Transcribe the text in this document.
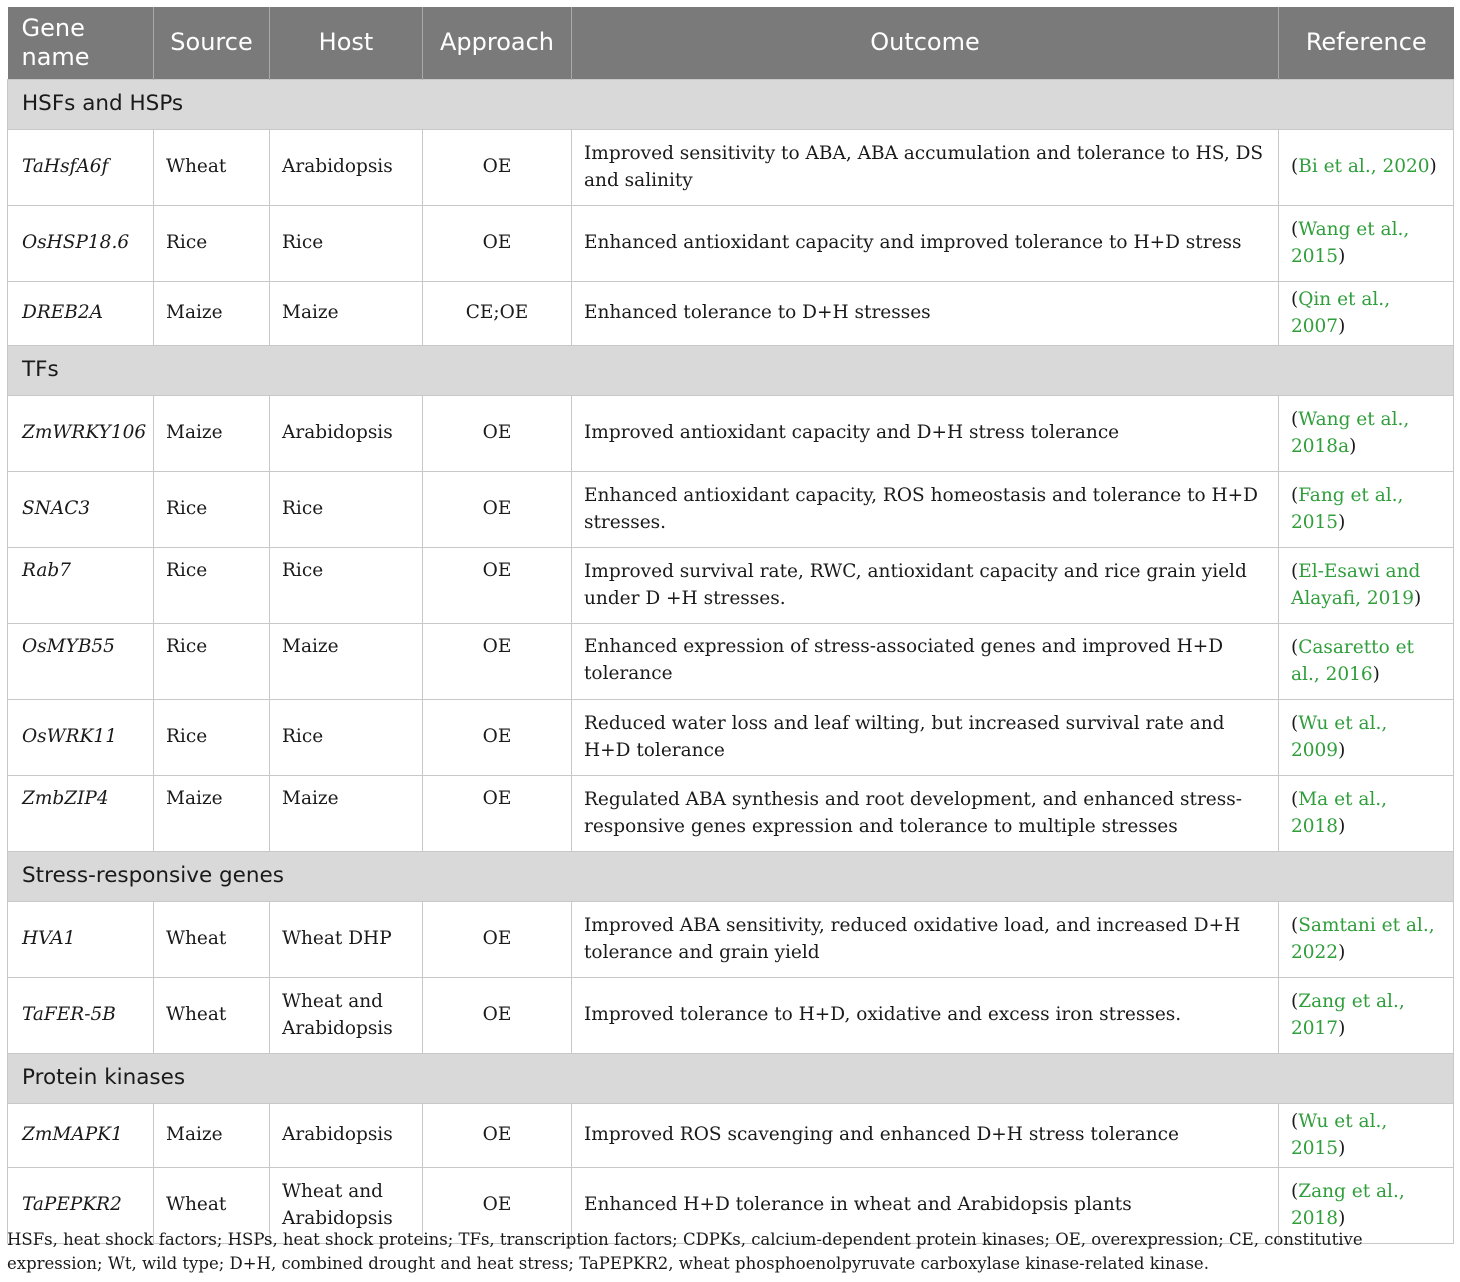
Gene name	Source	Host	Approach	Outcome	Reference
HSFs and HSPs					
TaHsfA6f	Wheat	Arabidopsis	OE	Improved sensitivity to ABA, ABA accumulation and tolerance to HS, DS and salinity	(Bi et al., 2020)
OsHSP18.6	Rice	Rice	OE	Enhanced antioxidant capacity and improved tolerance to H+D stress	(Wang et al., 2015)
DREB2A	Maize	Maize	CE;OE	Enhanced tolerance to D+H stresses	(Qin et al., 2007)
TFs					
ZmWRKY106	Maize	Arabidopsis	OE	Improved antioxidant capacity and D+H stress tolerance	(Wang et al., 2018a)
SNAC3	Rice	Rice	OE	Enhanced antioxidant capacity, ROS homeostasis and tolerance to H+D stresses.	(Fang et al., 2015)
Rab7	Rice	Rice	OE	Improved survival rate, RWC, antioxidant capacity and rice grain yield under D +H stresses.	(El-Esawi and Alayafi, 2019)
OsMYB55	Rice	Maize	OE	Enhanced expression of stress-associated genes and improved H+D tolerance	(Casaretto et al., 2016)
OsWRK11	Rice	Rice	OE	Reduced water loss and leaf wilting, but increased survival rate and H+D tolerance	(Wu et al., 2009)
ZmbZIP4	Maize	Maize	OE	Regulated ABA synthesis and root development, and enhanced stress-responsive genes expression and tolerance to multiple stresses	(Ma et al., 2018)
Stress-responsive genes					
HVA1	Wheat	Wheat DHP	OE	Improved ABA sensitivity, reduced oxidative load, and increased D+H tolerance and grain yield	(Samtani et al., 2022)
TaFER-5B	Wheat	Wheat and Arabidopsis	OE	Improved tolerance to H+D, oxidative and excess iron stresses.	(Zang et al., 2017)
Protein kinases					
ZmMAPK1	Maize	Arabidopsis	OE	Improved ROS scavenging and enhanced D+H stress tolerance	(Wu et al., 2015)
TaPEPKR2	Wheat	Wheat and Arabidopsis	OE	Enhanced H+D tolerance in wheat and Arabidopsis plants	(Zang et al., 2018)
HSFs, heat shock factors; HSPs, heat shock proteins; TFs, transcription factors; CDPKs, calcium-dependent protein kinases; OE, overexpression; CE, constitutive expression; Wt, wild type; D+H, combined drought and heat stress; TaPEPKR2, wheat phosphoenolpyruvate carboxylase kinase-related kinase.
